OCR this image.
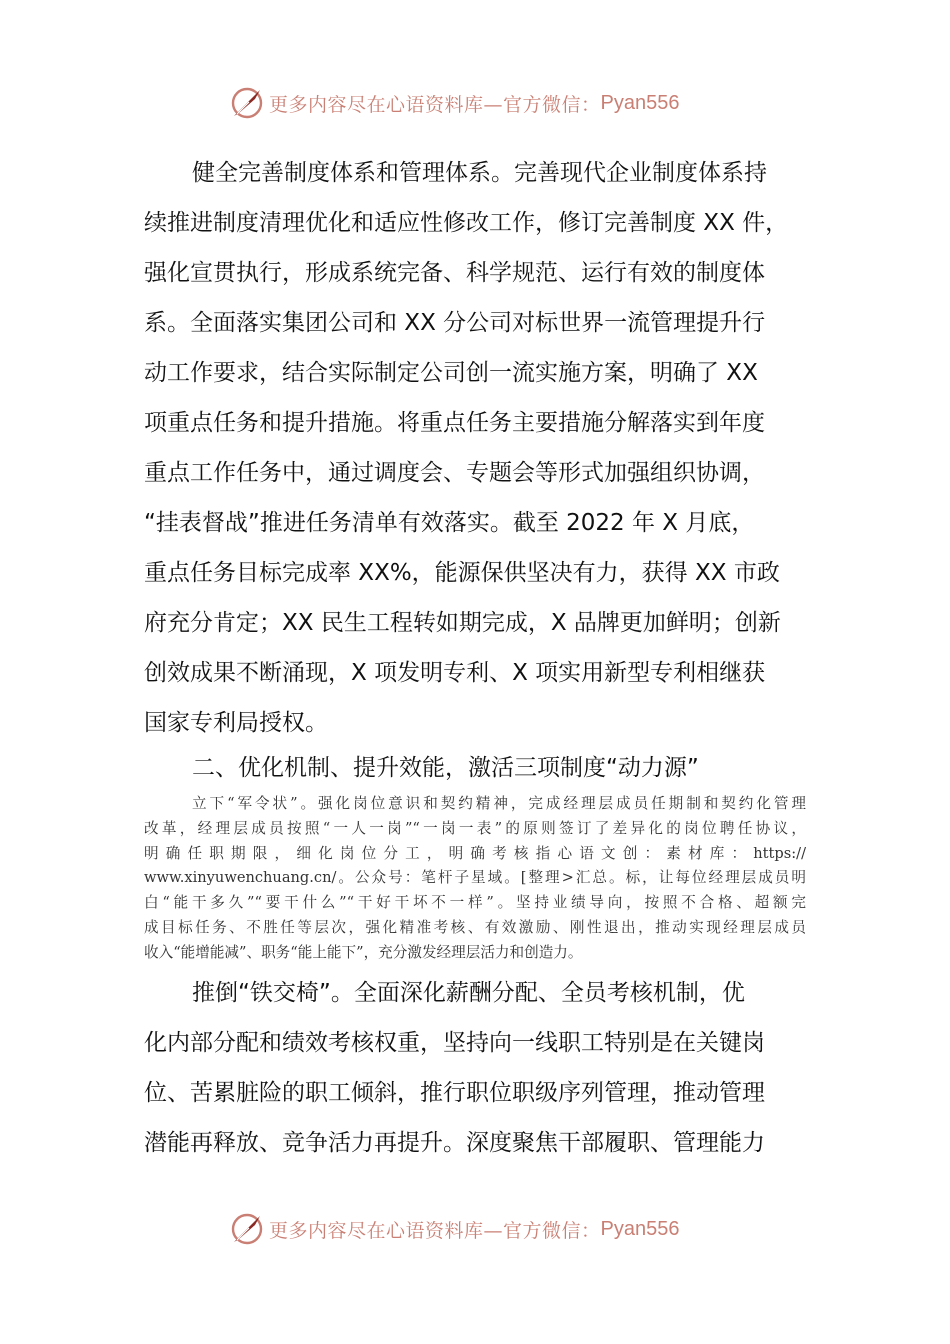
更多内容尽在心语资料库—官方微信： Pyan556
健全完善制度体系和管理体系。完善现代企业制度体系持
续推进制度清理优化和适应性修改工作，修订完善制度 XX 件，
强化宣贯执行，形成系统完备、科学规范、运行有效的制度体
系。全面落实集团公司和 XX 分公司对标世界一流管理提升行
动工作要求，结合实际制定公司创一流实施方案，明确了 XX
项重点任务和提升措施。将重点任务主要措施分解落实到年度
重点工作任务中，通过调度会、专题会等形式加强组织协调，
“挂表督战”推进任务清单有效落实。截至 2022 年 X 月底，
重点任务目标完成率 XX%，能源保供坚决有力，获得 XX 市政
府充分肯定；XX 民生工程转如期完成，X 品牌更加鲜明；创新
创效成果不断涌现，X 项发明专利、X 项实用新型专利相继获
国家专利局授权。
二、优化机制、提升效能，激活三项制度“动力源”
立下“军令状”。强化岗位意识和契约精神，完成经理层成员任期制和契约化管理
改革，经理层成员按照“一人一岗”“一岗一表”的原则签订了差异化的岗位聘任协议，
明确任职期限，细化岗位分工，明确考核指心语文创：素材库：https://
www.xinyuwenchuang.cn/。公众号：笔杆子星域。[整理>汇总。标，让每位经理层成员明
白“能干多久”“要干什么”“干好干坏不一样”。坚持业绩导向，按照不合格、超额完
成目标任务、不胜任等层次，强化精准考核、有效激励、刚性退出，推动实现经理层成员
收入“能增能减”、职务“能上能下”，充分激发经理层活力和创造力。
推倒“铁交椅”。全面深化薪酬分配、全员考核机制，优
化内部分配和绩效考核权重，坚持向一线职工特别是在关键岗
位、苦累脏险的职工倾斜，推行职位职级序列管理，推动管理
潜能再释放、竞争活力再提升。深度聚焦干部履职、管理能力
更多内容尽在心语资料库—官方微信： Pyan556
